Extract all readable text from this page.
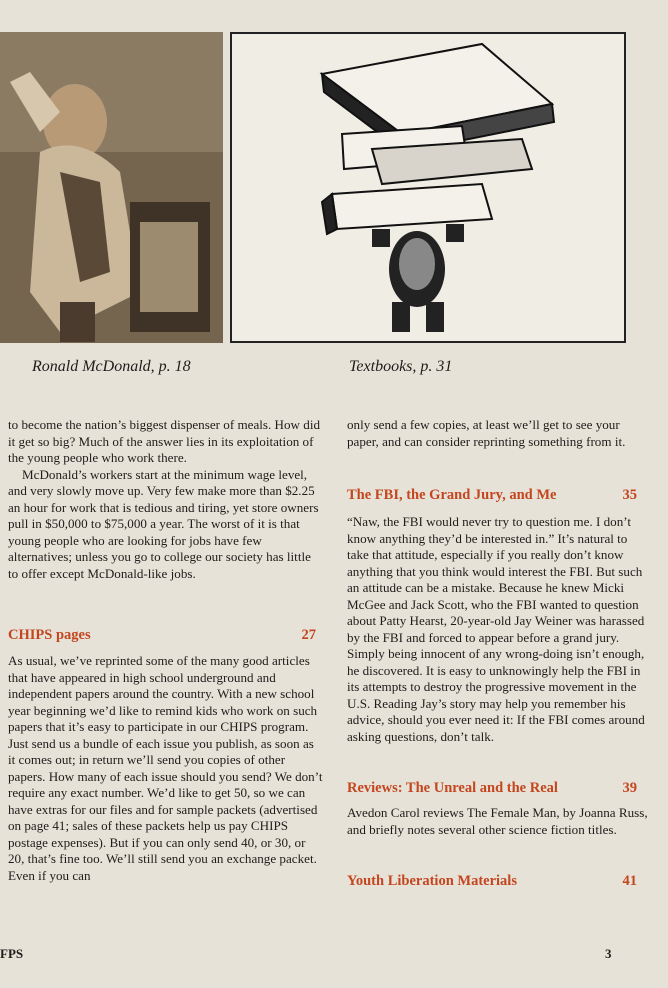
Ronald McDonald, p. 18	Textbooks, p. 31

to become the nation’s biggest dispenser of meals. How did it get so big? Much of the answer lies in its exploitation of the young people who work there.

McDonald’s workers start at the minimum wage level, and very slowly move up. Very few make more than $2.25 an hour for work that is tedious and tiring, yet store owners pull in $50,000 to $75,000 a year. The worst of it is that young people who are looking for jobs have few alternatives; unless you go to college our society has little to offer except McDonald-like jobs.

CHIPS pages	27

As usual, we’ve reprinted some of the many good articles that have appeared in high school underground and independent papers around the country. With a new school year beginning we’d like to remind kids who work on such papers that it’s easy to participate in our CHIPS program. Just send us a bundle of each issue you publish, as soon as it comes out; in return we’ll send you copies of other papers. How many of each issue should you send? We don’t require any exact number. We’d like to get 50, so we can have extras for our files and for sample packets (advertised on page 41; sales of these packets help us pay CHIPS postage expenses). But if you can only send 40, or 30, or 20, that’s fine too. We’ll still send you an exchange packet. Even if you can

only send a few copies, at least we’ll get to see your paper, and can consider reprinting something from it.

The FBI, the Grand Jury, and Me	35

“Naw, the FBI would never try to question me. I don’t know anything they’d be interested in.” It’s natural to take that attitude, especially if you really don’t know anything that you think would interest the FBI. But such an attitude can be a mistake. Because he knew Micki McGee and Jack Scott, who the FBI wanted to question about Patty Hearst, 20-year-old Jay Weiner was harassed by the FBI and forced to appear before a grand jury. Simply being innocent of any wrong-doing isn’t enough, he discovered. It is easy to unknowingly help the FBI in its attempts to destroy the progressive movement in the U.S. Reading Jay’s story may help you remember his advice, should you ever need it: If the FBI comes around asking questions, don’t talk.

Reviews: The Unreal and the Real	39

Avedon Carol reviews The Female Man, by Joanna Russ, and briefly notes several other science fiction titles.

Youth Liberation Materials	41
FPS	3
